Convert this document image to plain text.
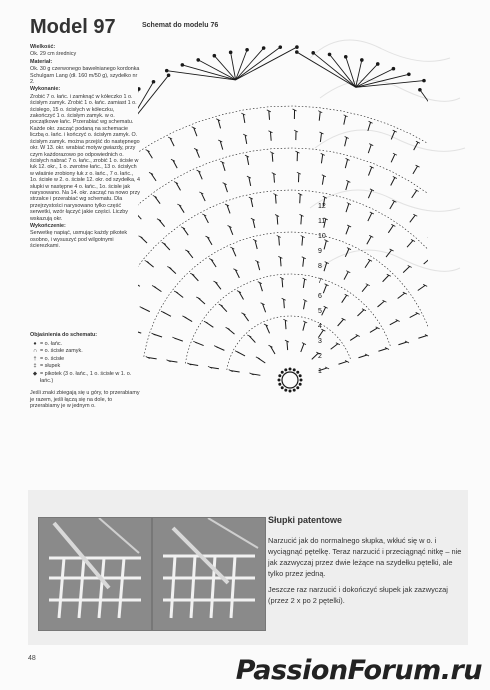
Model 97	Schemat do modelu 76

Wielkość:

Ok. 29 cm średnicy

Materiał:

Ok. 30 g czerwonego bawełnianego kordonka Schulgarn Lang (dł. 160 m/50 g), szydełko nr 2.

Wykonanie:

Zrobić 7 o. łańc. i zamknąć w kółeczko 1 o. ścisłym zamyk. Zrobić 1 o. łańc. zamiast 1 o. ścisłego, 15 o. ścisłych w kółeczku, zakończyć 1 o. ścisłym zamyk. w o. początkowe łańc. Przerabiać wg schematu. Każde okr. zacząć podaną na schemacie liczbą o. łańc. i kończyć o. ścisłym zamyk. O. ścisłym zamyk. można przejść do następnego okr. W 13. okr. wrabiać motyw gwiazdy, przy czym każdorazowo po odpowiednich o. ścisłych nabrać 7 o. łańc., zrobić 1 o. ścisłe w łuk 12. okr., 1 o. zwrotne łańc., 13 o. ścisłych w właśnie zrobiony łuk z o. łańc., 7 o. łańc., 1o. ścisłe w 2. o. ścisłe 12. okr. od szydełka, 4 słupki w następne 4 o. łańc., 1o. ścisłe jak narysowano. Na 14. okr. zacząć na nowo przy strzałce i przerabiać wg schematu. Dla przejrzystości narysowano tylko część serwetki, wzór łączyć jakie części. Liczby wskazują okr.

Wykończenie:

Serwetkę napiąć, usmując każdy pikotek osobno, i wysuszyć pod wilgotnymi ścierezkami.

Objaśnienia do schematu:
● = o. łańc.
∩ = o. ścisłe zamyk.
† = o. ścisłe
‡ = słupek
◆ = pikotek (3 o. łańc., 1 o. ścisłe w 1. o. łańc.)
Jeśli znaki zbiegają się u góry, to przerabiamy je razem, jeśli łączą się na dole, to przerabiamy je w jednym o.
12
11
10
9
8
7
6
5
4
3
2
1
Słupki patentowe

Narzucić jak do normalnego słupka, wkłuć się w o. i wyciągnąć pętelkę. Teraz narzucić i przeciągnąć nitkę – nie jak zazwyczaj przez dwie leżące na szydełku pętelki, ale tylko przez jedną.

Jeszcze raz narzucić i dokończyć słupek jak zazwyczaj (przez 2 x po 2 pętelki).

48	PassionForum.ru
